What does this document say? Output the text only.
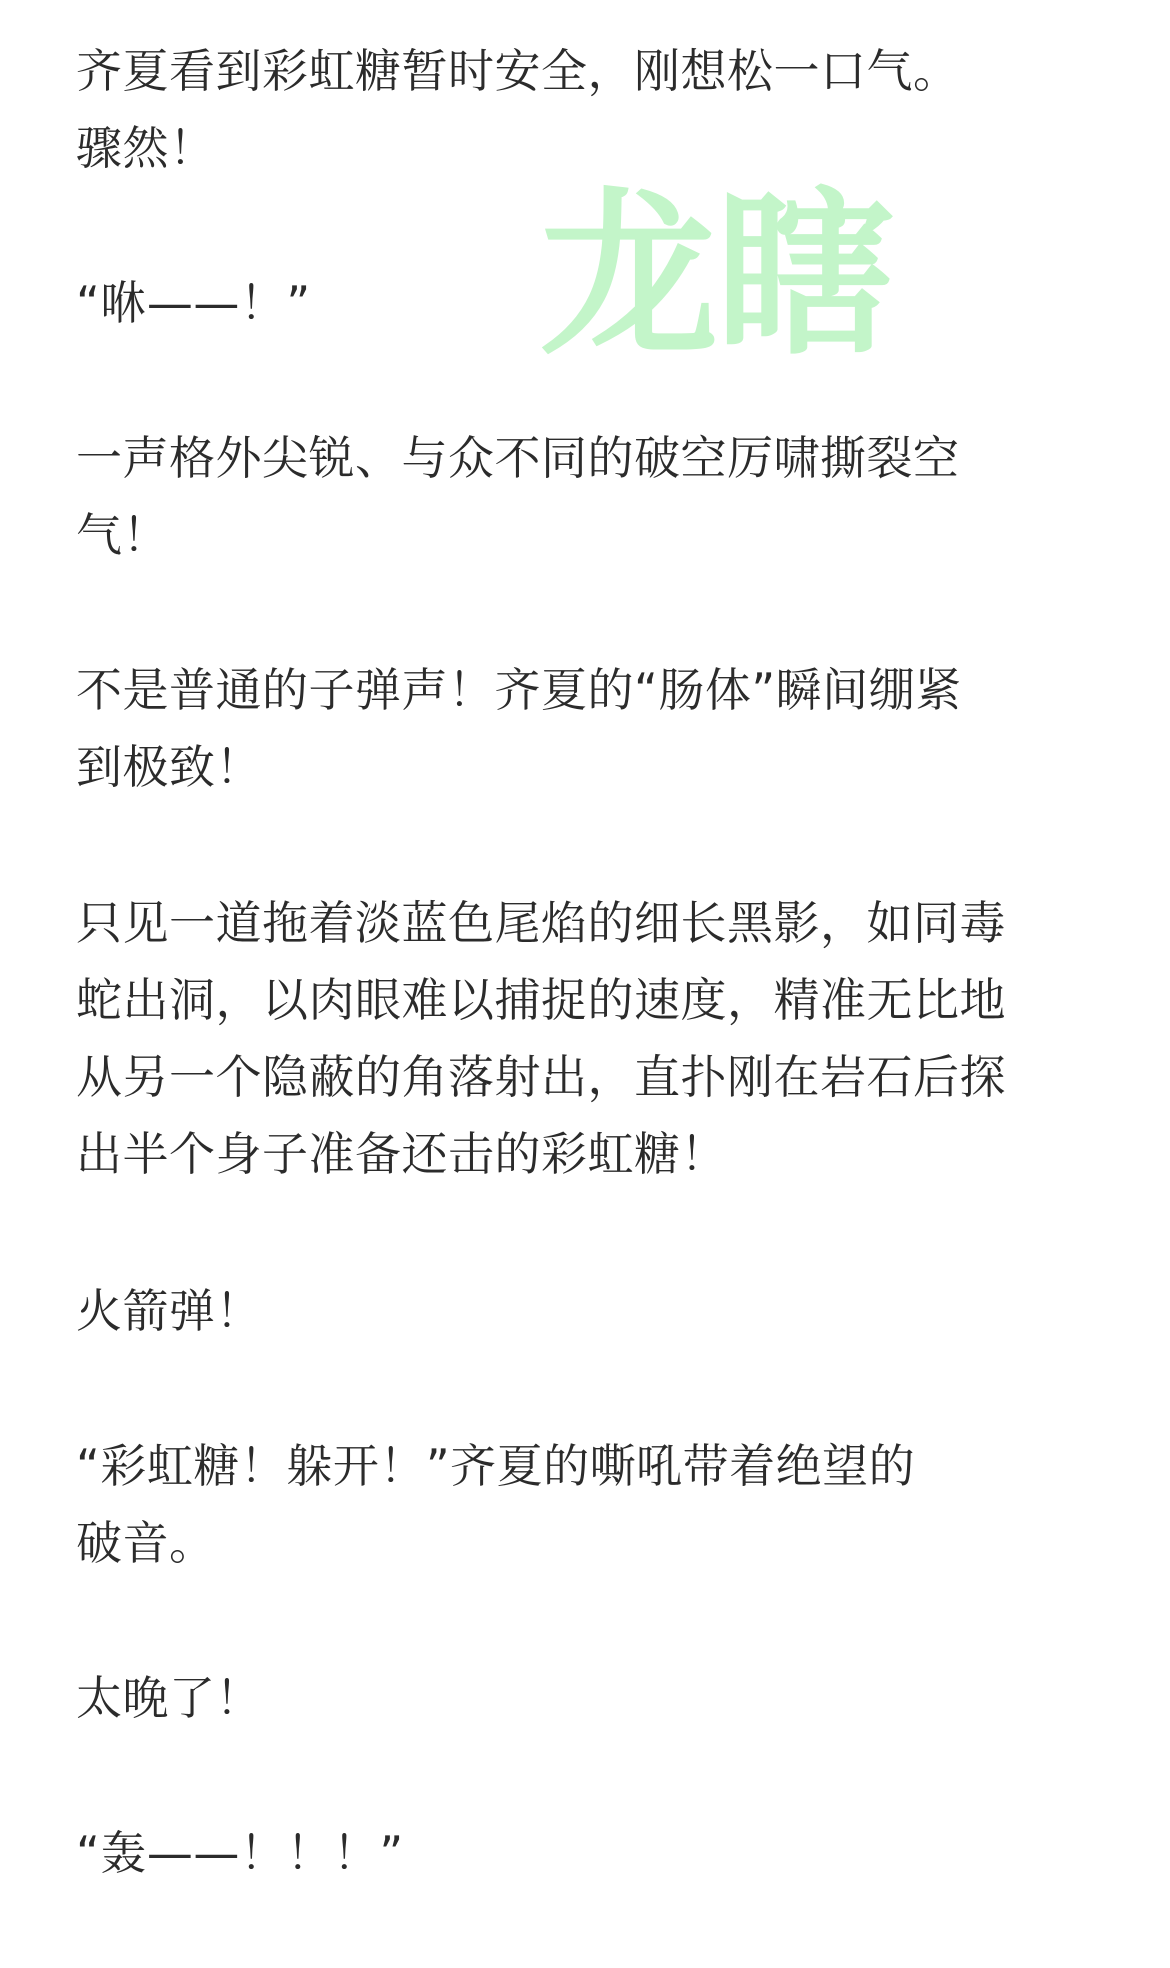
龙瞎

齐夏看到彩虹糖暂时安全，刚想松一口气。
骤然！

“咻——！”

一声格外尖锐、与众不同的破空厉啸撕裂空
气！

不是普通的子弹声！齐夏的“肠体”瞬间绷紧
到极致！

只见一道拖着淡蓝色尾焰的细长黑影，如同毒
蛇出洞，以肉眼难以捕捉的速度，精准无比地
从另一个隐蔽的角落射出，直扑刚在岩石后探
出半个身子准备还击的彩虹糖！

火箭弹！

“彩虹糖！躲开！”齐夏的嘶吼带着绝望的
破音。

太晚了！

“轰——！！！”
